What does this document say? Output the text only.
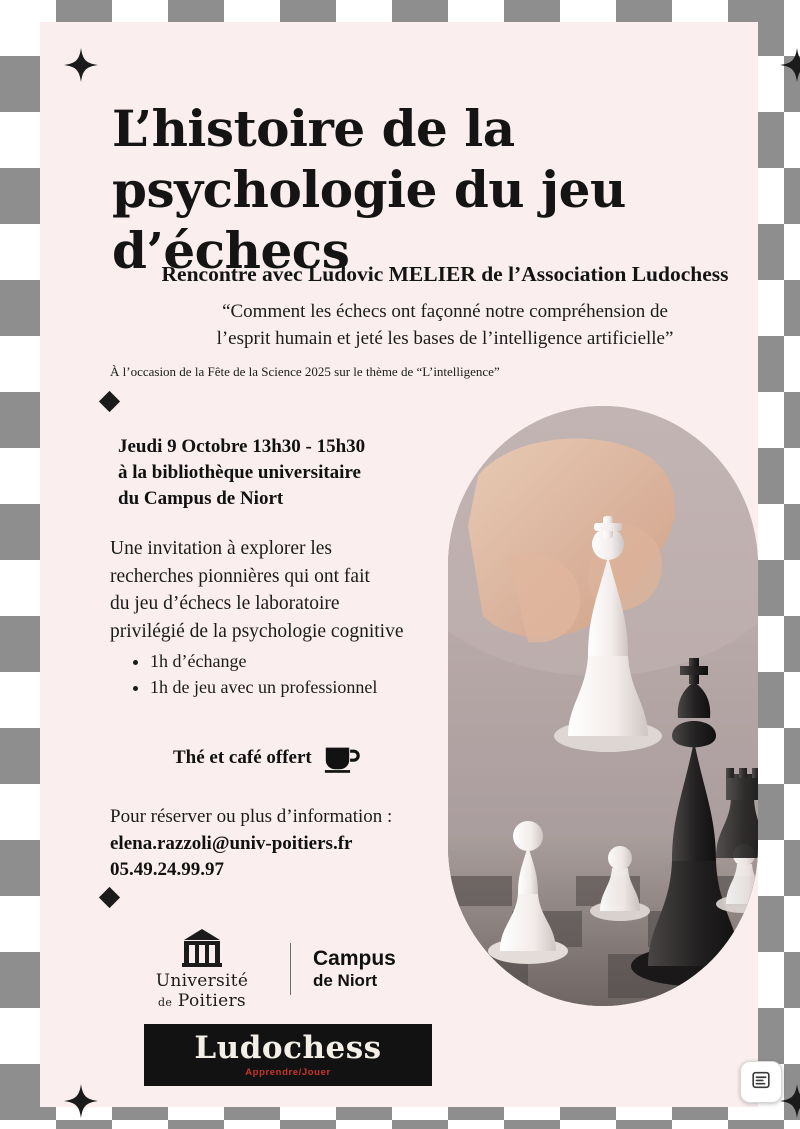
L’histoire de la psychologie du jeu d’échecs
Rencontre avec Ludovic MELIER de l’Association Ludochess
“Comment les échecs ont façonné notre compréhension de
l’esprit humain et jeté les bases de l’intelligence artificielle”
À l’occasion de la Fête de la Science 2025 sur le thème de “L’intelligence”
Jeudi 9 Octobre 13h30 - 15h30
à la bibliothèque universitaire
du Campus de Niort
Une invitation à explorer les
recherches pionnières qui ont fait
du jeu d’échecs le laboratoire
privilégié de la psychologie cognitive
• 1h d’échange
• 1h de jeu avec un professionnel
Thé et café offert
Pour réserver ou plus d’information :
elena.razzoli@univ-poitiers.fr
05.49.24.99.97
Université
de Poitiers
Campus
de Niort
Ludochess
Apprendre/Jouer
